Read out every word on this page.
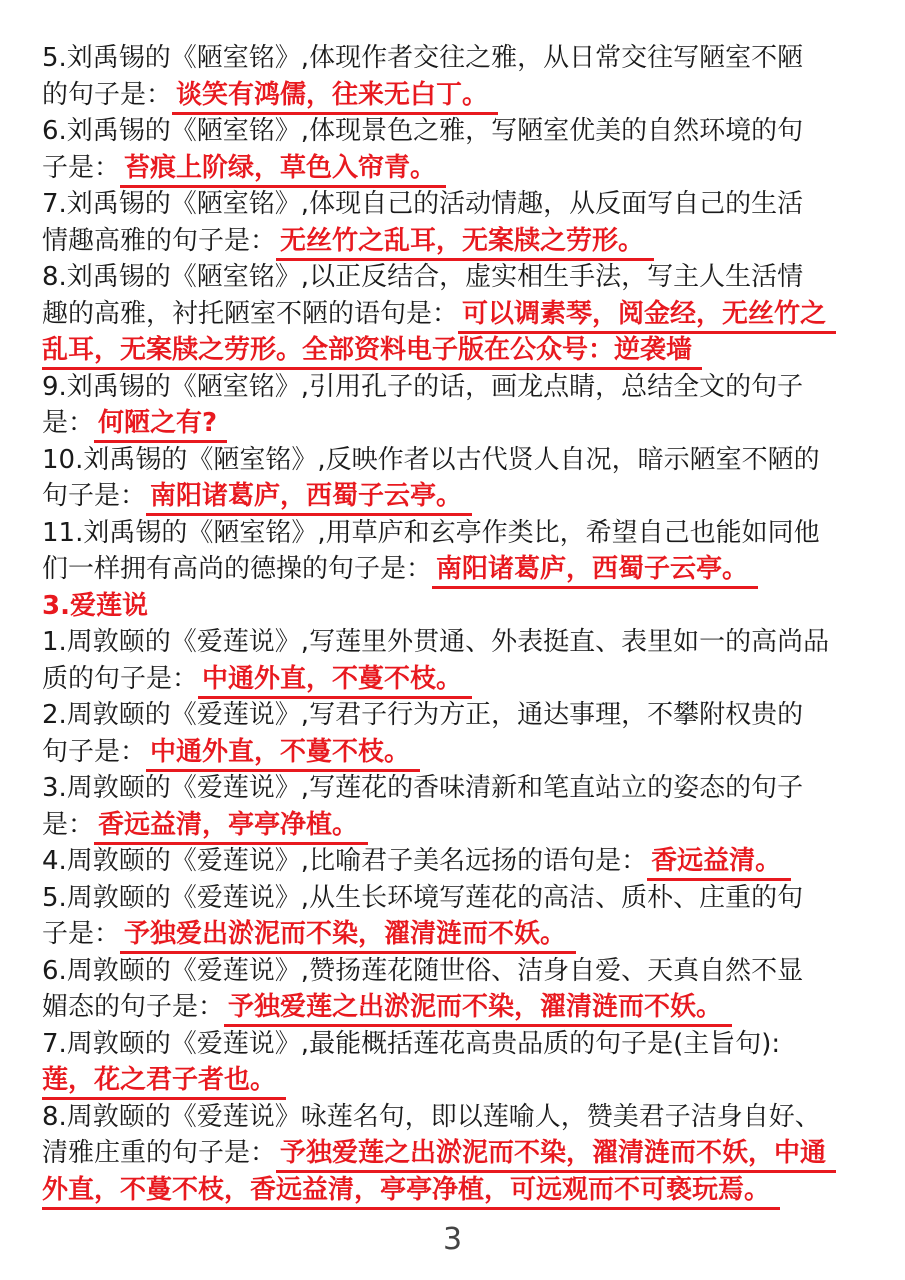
5.刘禹锡的《陋室铭》,体现作者交往之雅，从日常交往写陋室不陋
的句子是： 谈笑有鸿儒，往来无白丁。
6.刘禹锡的《陋室铭》,体现景色之雅，写陋室优美的自然环境的句
子是： 苔痕上阶绿，草色入帘青。
7.刘禹锡的《陋室铭》,体现自己的活动情趣，从反面写自己的生活
情趣高雅的句子是： 无丝竹之乱耳，无案牍之劳形。
8.刘禹锡的《陋室铭》,以正反结合，虚实相生手法，写主人生活情
趣的高雅，衬托陋室不陋的语句是： 可以调素琴，阅金经，无丝竹之
乱耳，无案牍之劳形。全部资料电子版在公众号：逆袭墙
9.刘禹锡的《陋室铭》,引用孔子的话，画龙点睛，总结全文的句子
是： 何陋之有?
10.刘禹锡的《陋室铭》,反映作者以古代贤人自况，暗示陋室不陋的
句子是： 南阳诸葛庐，西蜀子云亭。
11.刘禹锡的《陋室铭》,用草庐和玄亭作类比，希望自己也能如同他
们一样拥有高尚的德操的句子是： 南阳诸葛庐，西蜀子云亭。
3.爱莲说
1.周敦颐的《爱莲说》,写莲里外贯通、外表挺直、表里如一的高尚品
质的句子是： 中通外直，不蔓不枝。
2.周敦颐的《爱莲说》,写君子行为方正，通达事理，不攀附权贵的
句子是： 中通外直，不蔓不枝。
3.周敦颐的《爱莲说》,写莲花的香味清新和笔直站立的姿态的句子
是： 香远益清，亭亭净植。
4.周敦颐的《爱莲说》,比喻君子美名远扬的语句是： 香远益清。
5.周敦颐的《爱莲说》,从生长环境写莲花的高洁、质朴、庄重的句
子是： 予独爱出淤泥而不染，濯清涟而不妖。
6.周敦颐的《爱莲说》,赞扬莲花随世俗、洁身自爱、天真自然不显
媚态的句子是： 予独爱莲之出淤泥而不染，濯清涟而不妖。
7.周敦颐的《爱莲说》,最能概括莲花高贵品质的句子是(主旨句):
莲，花之君子者也。
8.周敦颐的《爱莲说》咏莲名句，即以莲喻人，赞美君子洁身自好、
清雅庄重的句子是： 予独爱莲之出淤泥而不染，濯清涟而不妖，中通
外直，不蔓不枝，香远益清，亭亭净植，可远观而不可亵玩焉。
3
